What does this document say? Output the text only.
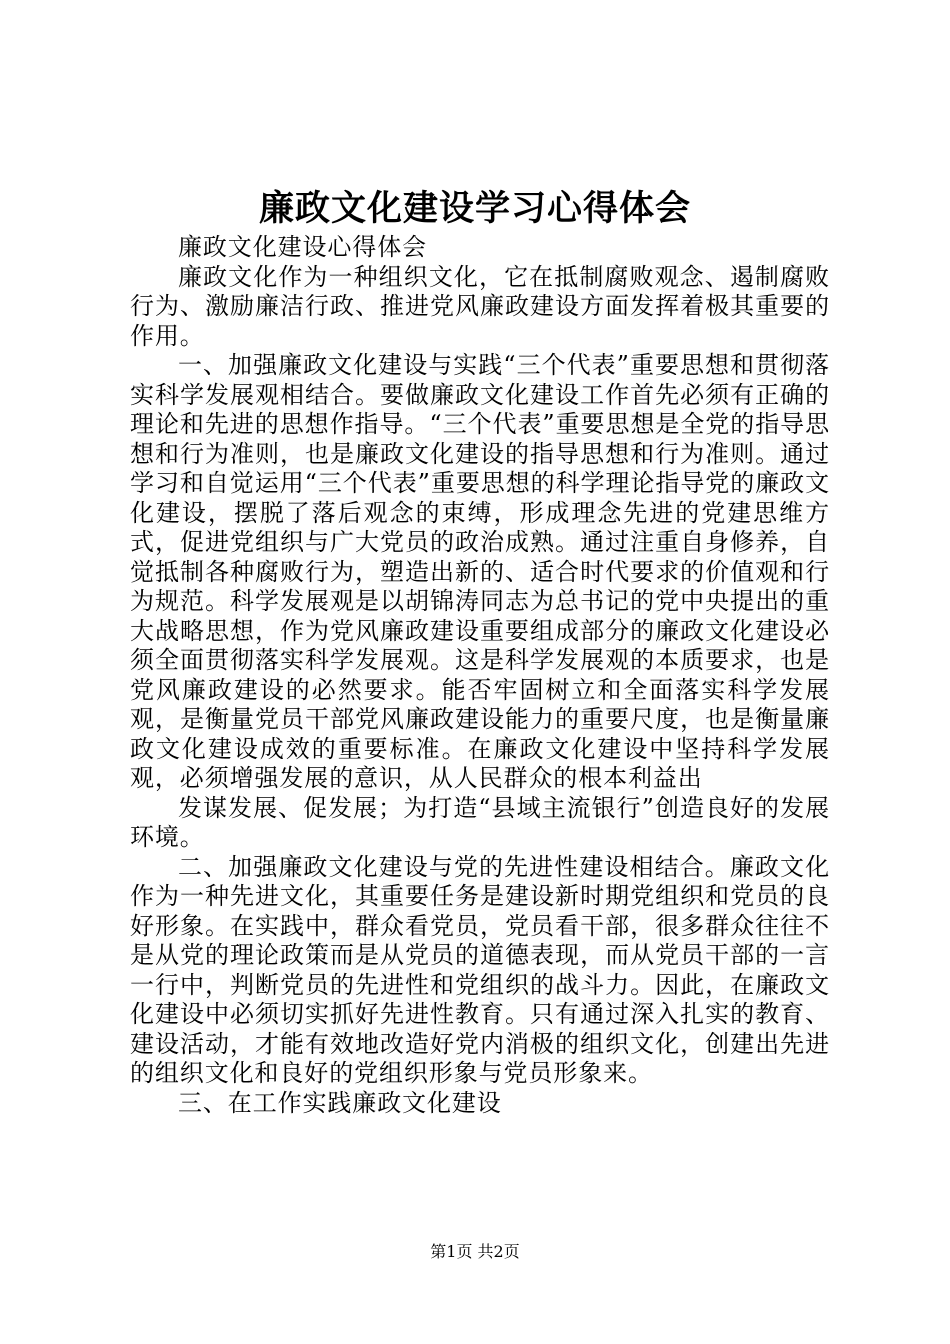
廉政文化建设学习心得体会

廉政文化建设心得体会

廉政文化作为一种组织文化，它在抵制腐败观念、遏制腐败行为、激励廉洁行政、推进党风廉政建设方面发挥着极其重要的作用。

一、加强廉政文化建设与实践“三个代表”重要思想和贯彻落实科学发展观相结合。要做廉政文化建设工作首先必须有正确的理论和先进的思想作指导。“三个代表”重要思想是全党的指导思想和行为准则，也是廉政文化建设的指导思想和行为准则。通过学习和自觉运用“三个代表”重要思想的科学理论指导党的廉政文化建设，摆脱了落后观念的束缚，形成理念先进的党建思维方式，促进党组织与广大党员的政治成熟。通过注重自身修养，自觉抵制各种腐败行为，塑造出新的、适合时代要求的价值观和行为规范。科学发展观是以胡锦涛同志为总书记的党中央提出的重大战略思想，作为党风廉政建设重要组成部分的廉政文化建设必须全面贯彻落实科学发展观。这是科学发展观的本质要求，也是党风廉政建设的必然要求。能否牢固树立和全面落实科学发展观，是衡量党员干部党风廉政建设能力的重要尺度，也是衡量廉政文化建设成效的重要标准。在廉政文化建设中坚持科学发展观，必须增强发展的意识，从人民群众的根本利益出

发谋发展、促发展；为打造“县域主流银行”创造良好的发展环境。

二、加强廉政文化建设与党的先进性建设相结合。廉政文化作为一种先进文化，其重要任务是建设新时期党组织和党员的良好形象。在实践中，群众看党员，党员看干部，很多群众往往不是从党的理论政策而是从党员的道德表现，而从党员干部的一言一行中，判断党员的先进性和党组织的战斗力。因此，在廉政文化建设中必须切实抓好先进性教育。只有通过深入扎实的教育、建设活动，才能有效地改造好党内消极的组织文化，创建出先进的组织文化和良好的党组织形象与党员形象来。

三、在工作实践廉政文化建设

第1页 共2页
